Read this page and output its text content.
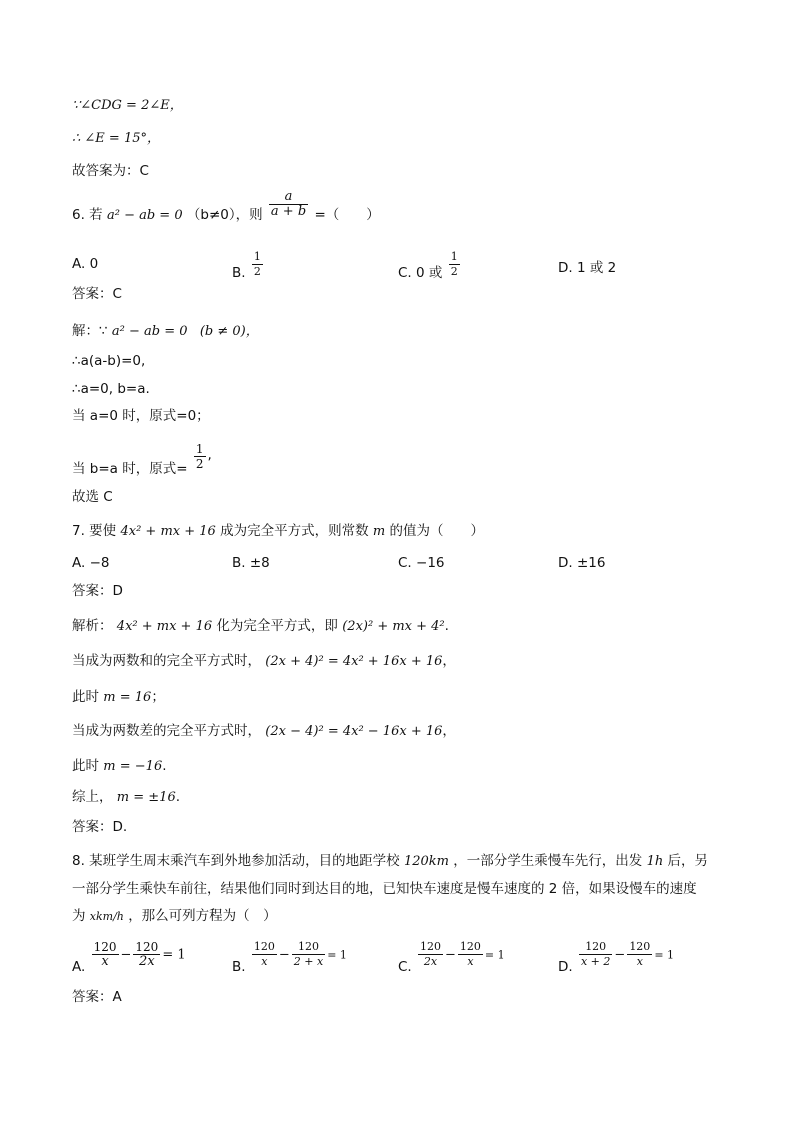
∵∠CDG = 2∠E，
∴ ∠E = 15°，
故答案为：C
6. 若 a² − ab = 0 （b≠0），则 $\frac{a}{a + b}$ =（　　）
A. 0
B. $\frac{1}{2}$	C. 0 或 $\frac{1}{2}$	D. 1 或 2
答案：C
解：∵ a² − ab = 0 (b ≠ 0)，
∴a(a-b)=0,
∴a=0, b=a.
当 a=0 时，原式=0；
当 b=a 时，原式= $\frac{1}{2}$ ,
故选 C
7. 要使 4x² + mx + 16 成为完全平方式，则常数 m 的值为（　　）
A. −8	B. ±8	C. −16	D. ±16
答案：D
解析： 4x² + mx + 16 化为完全平方式，即 (2x)² + mx + 4².
当成为两数和的完全平方式时， (2x + 4)² = 4x² + 16x + 16，
此时 m = 16；
当成为两数差的完全平方式时， (2x − 4)² = 4x² − 16x + 16，
此时 m = −16.
综上， m = ±16.
答案：D.
8. 某班学生周末乘汽车到外地参加活动，目的地距学校 120km ，一部分学生乘慢车先行，出发 1h 后，另
一部分学生乘快车前往，结果他们同时到达目的地，已知快车速度是慢车速度的 2 倍，如果设慢车的速度
为 xkm/h ，那么可列方程为（　）
A. $\frac{120}{x} - \frac{120}{2x} = 1$
B. $\frac{120}{x} - \frac{120}{2 + x} = 1$
C. $\frac{120}{2x} - \frac{120}{x} = 1$
D. $\frac{120}{x + 2} - \frac{120}{x} = 1$
答案：A
